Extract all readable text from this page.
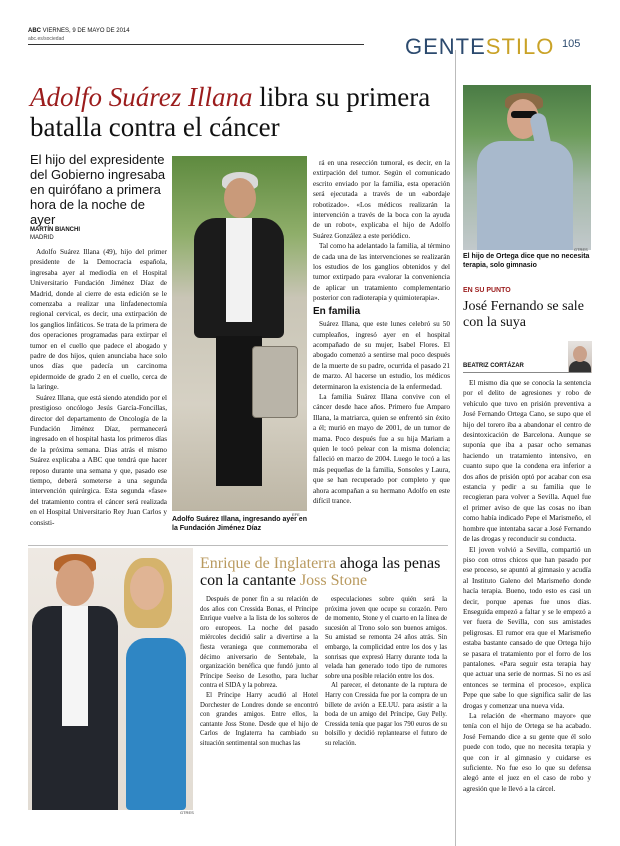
ABC VIERNES, 9 DE MAYO DE 2014
abc.es/sociedad	GENTESTILO 105
Adolfo Suárez Illana libra su primera batalla contra el cáncer
El hijo del expresidente del Gobierno ingresaba en quirófano a primera hora de la noche de ayer
MARTÍN BIANCHI
MADRID

Adolfo Suárez Illana (49), hijo del primer presidente de la Democracia española, ingresaba ayer al mediodía en el Hospital Universitario Fundación Jiménez Díaz de Madrid, donde al cierre de esta edición se le comenzaba a realizar una linfadenectomía regional cervical, es decir, una extirpación de los ganglios linfáticos. Se trata de la primera de dos operaciones programadas para extirpar el tumor en el cuello que padece el abogado y padre de dos hijos, quien anunciaba hace solo unos días que padecía un carcinoma epidermoide de grado 2 en el cuello, cerca de la laringe.

Suárez Illana, que está siendo atendido por el prestigioso oncólogo Jesús García-Foncillas, director del departamento de Oncología de la Fundación Jiménez Díaz, permanecerá ingresado en el hospital hasta los primeros días de la próxima semana. Dias atrás el mismo Suárez explicaba a ABC que tendrá que hacer reposo durante una semana y que, pasado ese tiempo, deberá someterse a una segunda intervención quirúrgica. Esta segunda «fase» del tratamiento contra el cáncer será realizada en el Hospital Universitario Rey Juan Carlos y consisti-

EFE
Adolfo Suárez Illana, ingresando ayer en la Fundación Jiménez Díaz

rá en una resección tumoral, es decir, en la extirpación del tumor. Según el comunicado escrito enviado por la familia, esta operación será ejecutada a través de un «abordaje robotizado». «Los médicos realizarán la intervención a través de la boca con la ayuda de un robot», explicaba el hijo de Adolfo Suárez González a este periódico.

Tal como ha adelantado la familia, al término de cada una de las intervenciones se realizarán los estudios de los ganglios obtenidos y del tumor extirpado para «valorar la conveniencia de aplicar un tratamiento complementario posterior con radioterapia y quimioterapia».

En familia

Suárez Illana, que este lunes celebró su 50 cumpleaños, ingresó ayer en el hospital acompañado de su mujer, Isabel Flores. El abogado comenzó a sentirse mal poco después de la muerte de su padre, ocurrida el pasado 21 de marzo. Al hacerse un estudio, los médicos determinaron la existencia de la enfermedad.

La familia Suárez Illana convive con el cáncer desde hace años. Primero fue Amparo Illana, la matriarca, quien se enfrentó sin éxito a él; murió en mayo de 2001, de un tumor de mama. Poco después fue a su hija Mariam a quien le tocó pelear con la misma dolencia; falleció en marzo de 2004. Luego le tocó a las más pequeñas de la familia, Sonsoles y Laura, que se han recuperado por completo y que ahora acompañan a su hermano Adolfo en este difícil trance.

GTRES
El hijo de Ortega dice que no necesita terapia, solo gimnasio
EN SU PUNTO
José Fernando se sale con la suya
BEATRIZ CORTÁZAR

El mismo día que se conocía la sentencia por el delito de agresiones y robo de vehículo que tuvo en prisión preventiva a José Fernando Ortega Cano, se supo que el hijo del torero iba a abandonar el centro de desintoxicación de Barcelona. Aunque se suponía que iba a pasar ocho semanas haciendo un tratamiento intensivo, en cuanto supo que la condena era inferior a dos años de prisión optó por acabar con esa estancia y pedir a su familia que le recogieran para volver a Sevilla. Aquel fue el primer aviso de que las cosas no iban como había indicado Pepe el Marismeño, el hombre que intentaba sacar a José Fernando de las drogas y reconducir su conducta.

El joven volvió a Sevilla, compartió un piso con otros chicos que han pasado por ese proceso, se apuntó al gimnasio y acudía al Instituto Galeno del Marismeño donde hacía terapia. Bueno, todo esto es casi un decir, porque apenas fue unos días. Enseguida empezó a faltar y se le empezó a ver fuera de Sevilla, con sus amistades peligrosas. El rumor era que el Marismeño estaba bastante cansado de que Ortega hijo se pasara el tratamiento por el forro de los pantalones. «Para seguir esta terapia hay que actuar una serie de normas. Si no es así entonces se termina el proceso», explica Pepe que sabe lo que significa salir de las drogas y comenzar una nueva vida.

La relación de «hermano mayor» que tenía con el hijo de Ortega se ha acabado. José Fernando dice a su gente que él solo puede con todo, que no necesita terapia y que con ir al gimnasio y cuidarse es suficiente. No fue eso lo que su defensa alegó ante el juez en el caso de robo y agresión que le llevó a la cárcel.

GTRES
Enrique de Inglaterra ahoga las penas con la cantante Joss Stone

Después de poner fin a su relación de dos años con Cressida Bonas, el Príncipe Enrique vuelve a la lista de los solteros de oro europeos. La noche del pasado miércoles decidió salir a divertirse a la fiesta veraniega que conmemoraba el décimo aniversario de Sentebale, la organización benéfica que fundó junto al Príncipe Seeiso de Lesotho, para luchar contra el SIDA y la pobreza.

El Príncipe Harry acudió al Hotel Dorchester de Londres donde se encontró con grandes amigos. Entre ellos, la cantante Joss Stone. Desde que el hijo de Carlos de Inglaterra ha cambiado su situación sentimental son muchas las

especulaciones sobre quién será la próxima joven que ocupe su corazón. Pero de momento, Stone y el cuarto en la línea de sucesión al Trono solo son buenos amigos. Su amistad se remonta 24 años atrás. Sin embargo, la complicidad entre los dos y las sonrisas que expresó Harry durante toda la velada han generado todo tipo de rumores sobre una posible relación entre los dos.

Al parecer, el detonante de la ruptura de Harry con Cressida fue por la compra de un billete de avión a EE.UU. para asistir a la boda de un amigo del Príncipe, Guy Pelly. Cressida tenía que pagar los 790 euros de su bolsillo y decidió replantearse el futuro de su relación.
